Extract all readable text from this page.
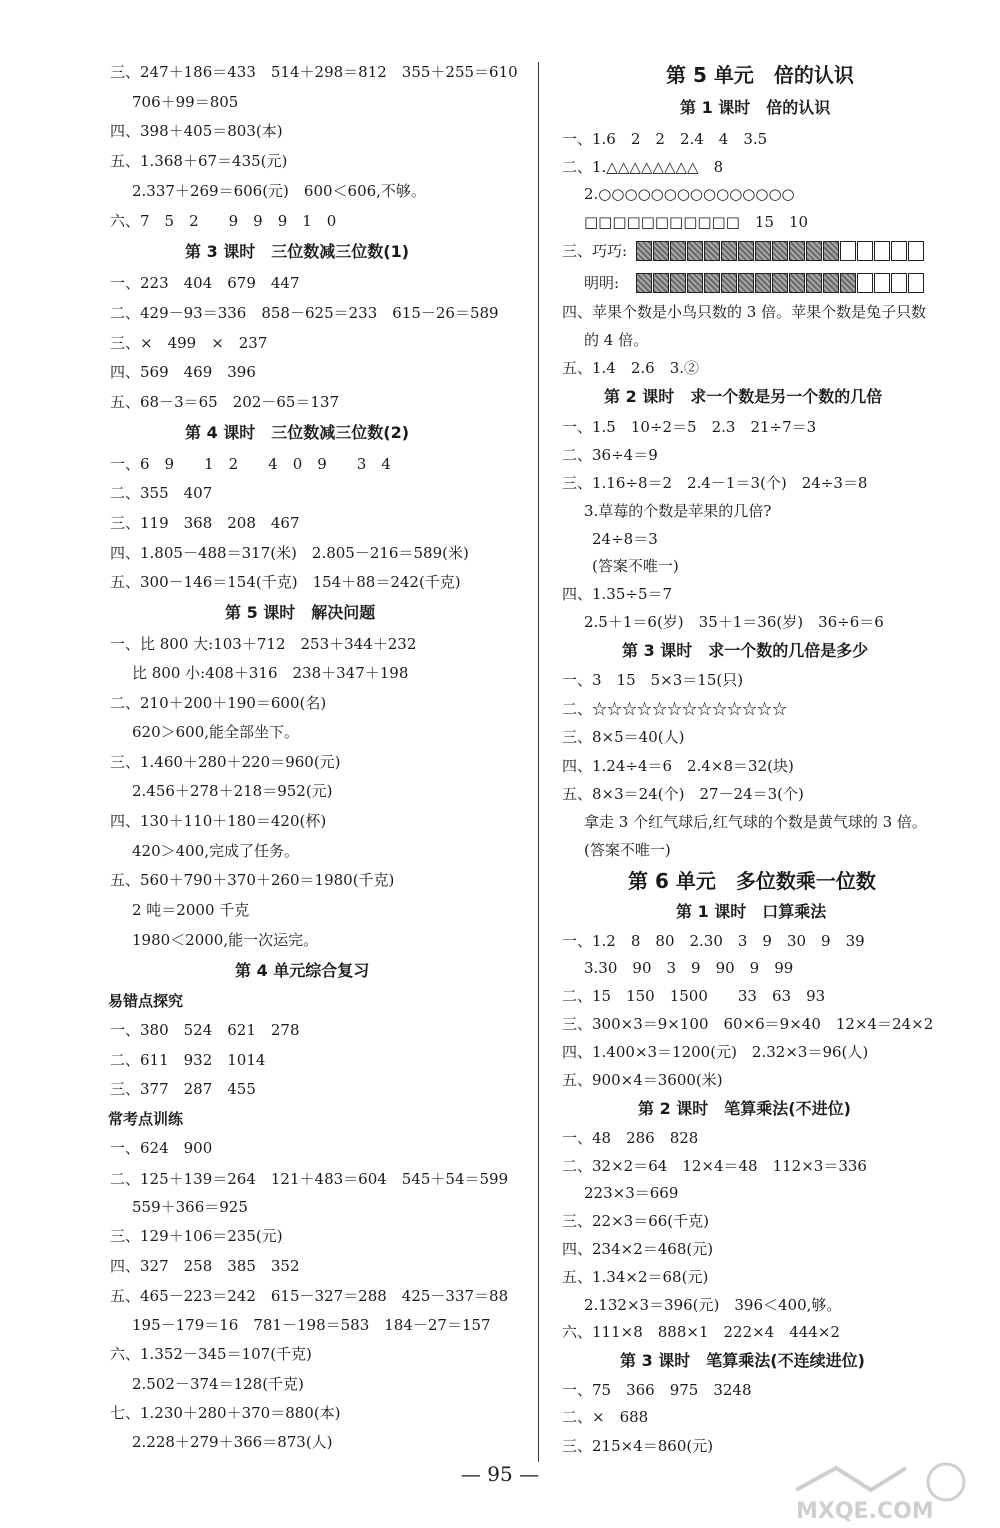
三、247＋186＝433　514＋298＝812　355＋255＝610
706＋99＝805
四、398＋405＝803(本)
五、1.368＋67＝435(元)
2.337＋269＝606(元)　600＜606,不够。
六、7　5　2　　9　9　9　1　0
第 3 课时　三位数减三位数(1)
一、223　404　679　447
二、429－93＝336　858－625＝233　615－26＝589
三、×　499　×　237
四、569　469　396
五、68－3＝65　202－65＝137
第 4 课时　三位数减三位数(2)
一、6　9　　1　2　　4　0　9　　3　4
二、355　407
三、119　368　208　467
四、1.805－488＝317(米)　2.805－216＝589(米)
五、300－146＝154(千克)　154＋88＝242(千克)
第 5 课时　解决问题
一、比 800 大:103＋712　253＋344＋232
比 800 小:408＋316　238＋347＋198
二、210＋200＋190＝600(名)
620＞600,能全部坐下。
三、1.460＋280＋220＝960(元)
2.456＋278＋218＝952(元)
四、130＋110＋180＝420(杯)
420＞400,完成了任务。
五、560＋790＋370＋260＝1980(千克)
2 吨＝2000 千克
1980＜2000,能一次运完。
第 4 单元综合复习
易错点探究
一、380　524　621　278
二、611　932　1014
三、377　287　455
常考点训练
一、624　900
二、125＋139＝264　121＋483＝604　545＋54＝599
559＋366＝925
三、129＋106＝235(元)
四、327　258　385　352
五、465－223＝242　615－327＝288　425－337＝88
195－179＝16　781－198＝583　184－27＝157
六、1.352－345＝107(千克)
2.502－374＝128(千克)
七、1.230＋280＋370＝880(本)
2.228＋279＋366＝873(人)
第 5 单元　倍的认识
第 1 课时　倍的认识
一、1.6　2　2　2.4　4　3.5
二、1.△△△△△△△△　8
2.○○○○○○○○○○○○○○○
□□□□□□□□□□□　15　10
三、巧巧:
明明:
四、苹果个数是小鸟只数的 3 倍。苹果个数是兔子只数
的 4 倍。
五、1.4　2.6　3.②
第 2 课时　求一个数是另一个数的几倍
一、1.5　10÷2＝5　2.3　21÷7＝3
二、36÷4＝9
三、1.16÷8＝2　2.4－1＝3(个)　24÷3＝8
3.草莓的个数是苹果的几倍?
24÷8＝3
(答案不唯一)
四、1.35÷5＝7
2.5＋1＝6(岁)　35＋1＝36(岁)　36÷6＝6
第 3 课时　求一个数的几倍是多少
一、3　15　5×3＝15(只)
二、☆☆☆☆☆☆☆☆☆☆☆☆☆
三、8×5＝40(人)
四、1.24÷4＝6　2.4×8＝32(块)
五、8×3＝24(个)　27－24＝3(个)
拿走 3 个红气球后,红气球的个数是黄气球的 3 倍。
(答案不唯一)
第 6 单元　多位数乘一位数
第 1 课时　口算乘法
一、1.2　8　80　2.30　3　9　30　9　39
3.30　90　3　9　90　9　99
二、15　150　1500　　33　63　93
三、300×3＝9×100　60×6＝9×40　12×4＝24×2
四、1.400×3＝1200(元)　2.32×3＝96(人)
五、900×4＝3600(米)
第 2 课时　笔算乘法(不进位)
一、48　286　828
二、32×2＝64　12×4＝48　112×3＝336
223×3＝669
三、22×3＝66(千克)
四、234×2＝468(元)
五、1.34×2＝68(元)
2.132×3＝396(元)　396＜400,够。
六、111×8　888×1　222×4　444×2
第 3 课时　笔算乘法(不连续进位)
一、75　366　975　3248
二、×　688
三、215×4＝860(元)
— 95 —
MXQE.COM
